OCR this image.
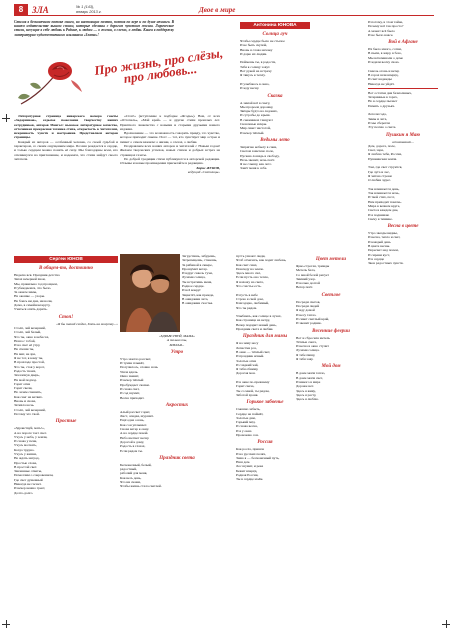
8 ЗЛА	№ 1 (143),
январь 2013 г.	Двое в мире
Стихов в бесконечном потоке много, но настоящих поэтов, поэтов по вере и по душе немного. В нашем издательстве вышли стихи, которые сделаны с дорогим чувством жизни. Лирические стихи, несущие в себе любовь к Родине, к людям — о жизни, о слезах, о любви. Книга в поддержку литературно-художественного альманаха «Злата»!
Про жизнь, про слёзы, про любовь...

Литературная страница январского номера газеты «Задаринков», седьмое пожелание творчеству наших сотрудников, авторов Монгол: высокое литературное качество, отточенная прекрасная техника стиха, открытость к читателям, искренность чувств и настроения. Представляем авторов страницы.

Каждый из авторов — особенный человек, со своей судьбой и характером, со своим ощущением мира. Поэзия рождается в сердце, и только сердцем можно понять её силу. Мы благодарны всем, кто откликнулся на приглашение, и надеемся, что стихи найдут своего читателя.

«Стоп!» (вступление к подборке «Ягоды»). Вам, от всех «Оттепель», «Мой край» — и другие стихи прошлых лет. Приятного знакомства с новыми и старыми друзьями нашего издания.

Вдохновение — это возможность говорить правду, это чувство, которое приходит свыше. Поэт — тот, кто чувствует мир острее и пишет о самом важном: о жизни, о слезах, о любви.

Поздравляем всех наших авторов и читателей с Новым годом! Желаем творческих успехов, новых стихов и добрых встреч на страницах газеты.

По доброй традиции стихи публикуются в авторской редакции. Отзывы и новые произведения присылайте в редакцию.

Борис ЖУКОВ,
ведущий «Светлицы»
Сергеи ЮНОВ
В общем-то, достоинно
Неделю вся. Праздник детства
Запах вечерней хвои,
Мы, правильно год прощаем,
И убеждаемся, что было.
За окном зимы,
На окошке — узоры.
Не боясь ни дня, ни ночи,
Дома, в семейном кругу,
Учиться опять дарить.
Стоп!
«Я бы такой сходил, Хоть на минутку...»
Столп, чей вечерний,
Столп, чей белый,
Что ты, окно в небесах,
Ноша с тобой,
И на снег её утру,
Не спеши ты,
На миг, не зря,
Я не тот, к кому ты,
В прохладе простой,
Что ты, стоя у ворот,
Радость твоих,
Захлопнув дверь,
На мой подход.
Горят огни
Горят свечи,
Но зачем спешить,
Как снег на ветвях.
Вновь и снова,
Затихла ночь.
Столп, чей вечерний,
Потому что твой.
Простые
«Здравствуй, мать!»,
А на пороге тает снег.
Учусь у неба, у земли,
И снова у печи,
Учусь молчать,
Когда трудно.
Учусь у жизни,
Не ждать наград,
Простые слова,
В простой свет.
Завленные ответы,
Помолчим о сокровенном,
Где свет душевный
Никогда не гаснет.
И вечер нежно греет,
Долго-долго.
Загрустишь, забудешь,
Затрепещешь, станешь,
За рябиной в сквере,
Прошумит ветер.
И вдруг сквозь тучи,
Лучами солнца,
Ты встретишь меня,
Родное сердце.
И всё вокруг
Зацветёт, как прежде,
В ожидании лета,
В ожидании счастья.
«ЗДРАВСТВУЙ, МАМА»
А только ты,
МИЛАЯ...
Утро
Утро зажгло рассвет,
И туман плывёт,
Получилось, словно ночь
Ушла вдаль.
Окно звенит,
И вечер тёплый
Пробуждает сказки.
И снова свет,
И сад шумит,
Весна приходит.
Акростих
Алый рассвет горит,
Лист, опадая, шуршит.
Ещё одна осень,
Как сон уплывает.
Снова ветер к окну.
А на сердце покой.
Небо шепчет весну.
Дорогой к дому,
Радость в глазах,
Если рядом ты.
Праздник света
Бесконечный, белый,
радостный,
рабочий для меня,
Как весь день,
Что ни скажи,
Чтобы жизнь стала светлей.
пусть узнают люди,
Чтоб отмечать, как ходит любовь,
Как свет сиял,
Повсюду на земле.
Здесь много сил,
Если пусть оно тепло,
Я нахожу на свете,
Что счастье есть.

И пусть в небе
Строю я свой дом,
Благодарю, любимый,
Что ты рядом.

Улыбнись, как солнце в лучах,
Как страница на ветру,
Вечер подарит новый день,
Праздник света и любви.
Праздник для мамы
Я на зиму несу
Лепестки роз,
В окно — тёплый свет,
И праздник ясный.
Золотые огни
И сладкий чай,
Я тебя обниму,
Дорогая моя.

И в окне по-прежнему
Горит свеча,
Ты со мной, ты рядом,
Заботой храня.
Горькое забвенье
Смешно забыть,
Сердце не поймёт,
Золотые дни,
Горький мёд.
И снова весна,
И я у окна
Провожаю сон.
Россия
Как росла, пришла
И на русских полях,
Знаю я — бесконечный путь,
Наш дом.
Лес шумит, и река
Бежит вперёд,
Родная Россия,
Ты в сердце моём.
Антонина ЮНОВА
Солнца луч
Чтобы сердце было не стылое
И не быть скупой,
Вновь я слова нахожу
И дарю их людям.

Поймешь ты, в радости,
Тебя к солнцу зовут.
Вот рукой на встречу
Я тянусь к теплу.

И улыбаюсь в окно,
И жду весну.
Сказка
А зимой всё в снегу,
Мы пророем дорожку,
Звёзды будто на ладонях,
И сугробы до крыш.
В снежинках танцуют
Сказочные искры.
Мир сияет чистотой,
И вечер тёплый.
Ведьмы лето
Запрягаю кобылу в сани,
Снегом заметено поле,
Пускаю лошадь в свободу,
Ночь звенит, ночь поёт.
Я не слышу, как лето
Зовёт меня к себе.
Цвет метели
Ярко-строгая, трижды
Метель бела,
Со мной белой рисует
Зимний узор.
И ночью долгой
Ветер поёт.
Светлое
Посреди снегов,
Посреди людей
Я иду домой
И несу тепло.
И сияет светлый край,
И звенит родник.
Весенние феерии
Вот и сбросила метель
Тёплые снега,
И весна в окно стучит
Лучами солнца.
Я тебе пишу,
Я тебя зову.
Мой дом
В доме моём тепло,
В доме моём свет,
И никого в мире
Дороже нет.
Здесь я живу,
Здесь я расту,
Здесь я люблю.
И потому, в этом тайне,
Почему всё так просто?
А может всё было
И не было вовсе.
Вой в Афгане
Их было много, сотни,
В пыли, в жару, в бою,
Мы вспоминали о доме
И ждали весну свою.

Сквозь огонь и ветер
В горах шли вперёд,
И свет надежды
Никогда не уйдёт.
Вот остатки дня безмолвных,
Затерянные в горах,
Но в сердце пылает
Память о друзьях.

Летели года,
Зимы и лета,
И мы сберегли
Эту песню о свете.
Пушкин я Маю
вспоминают...
Дом, дорога, поле,
Снег, заря,
Я люблю тебя, Россия,
Пушкинская земля.

Там, где свет струится,
Где луга и лес,
Я читаю строки
О любви чудес.

Так начинается день,
Так начинается ночь,
И твой стих, поэт,
Нам приходит помочь.
Мира в вечном круге,
Света в каждом дне,
И я поднимаю
Свечу в тишине.
Весна в цвете
Утро звезды видны,
И весна, тепло и свет,
И каждый день
В цвете весны.
Пересвет над полем,
И сирени куст,
И в сердце
Звон радостных чувств.
